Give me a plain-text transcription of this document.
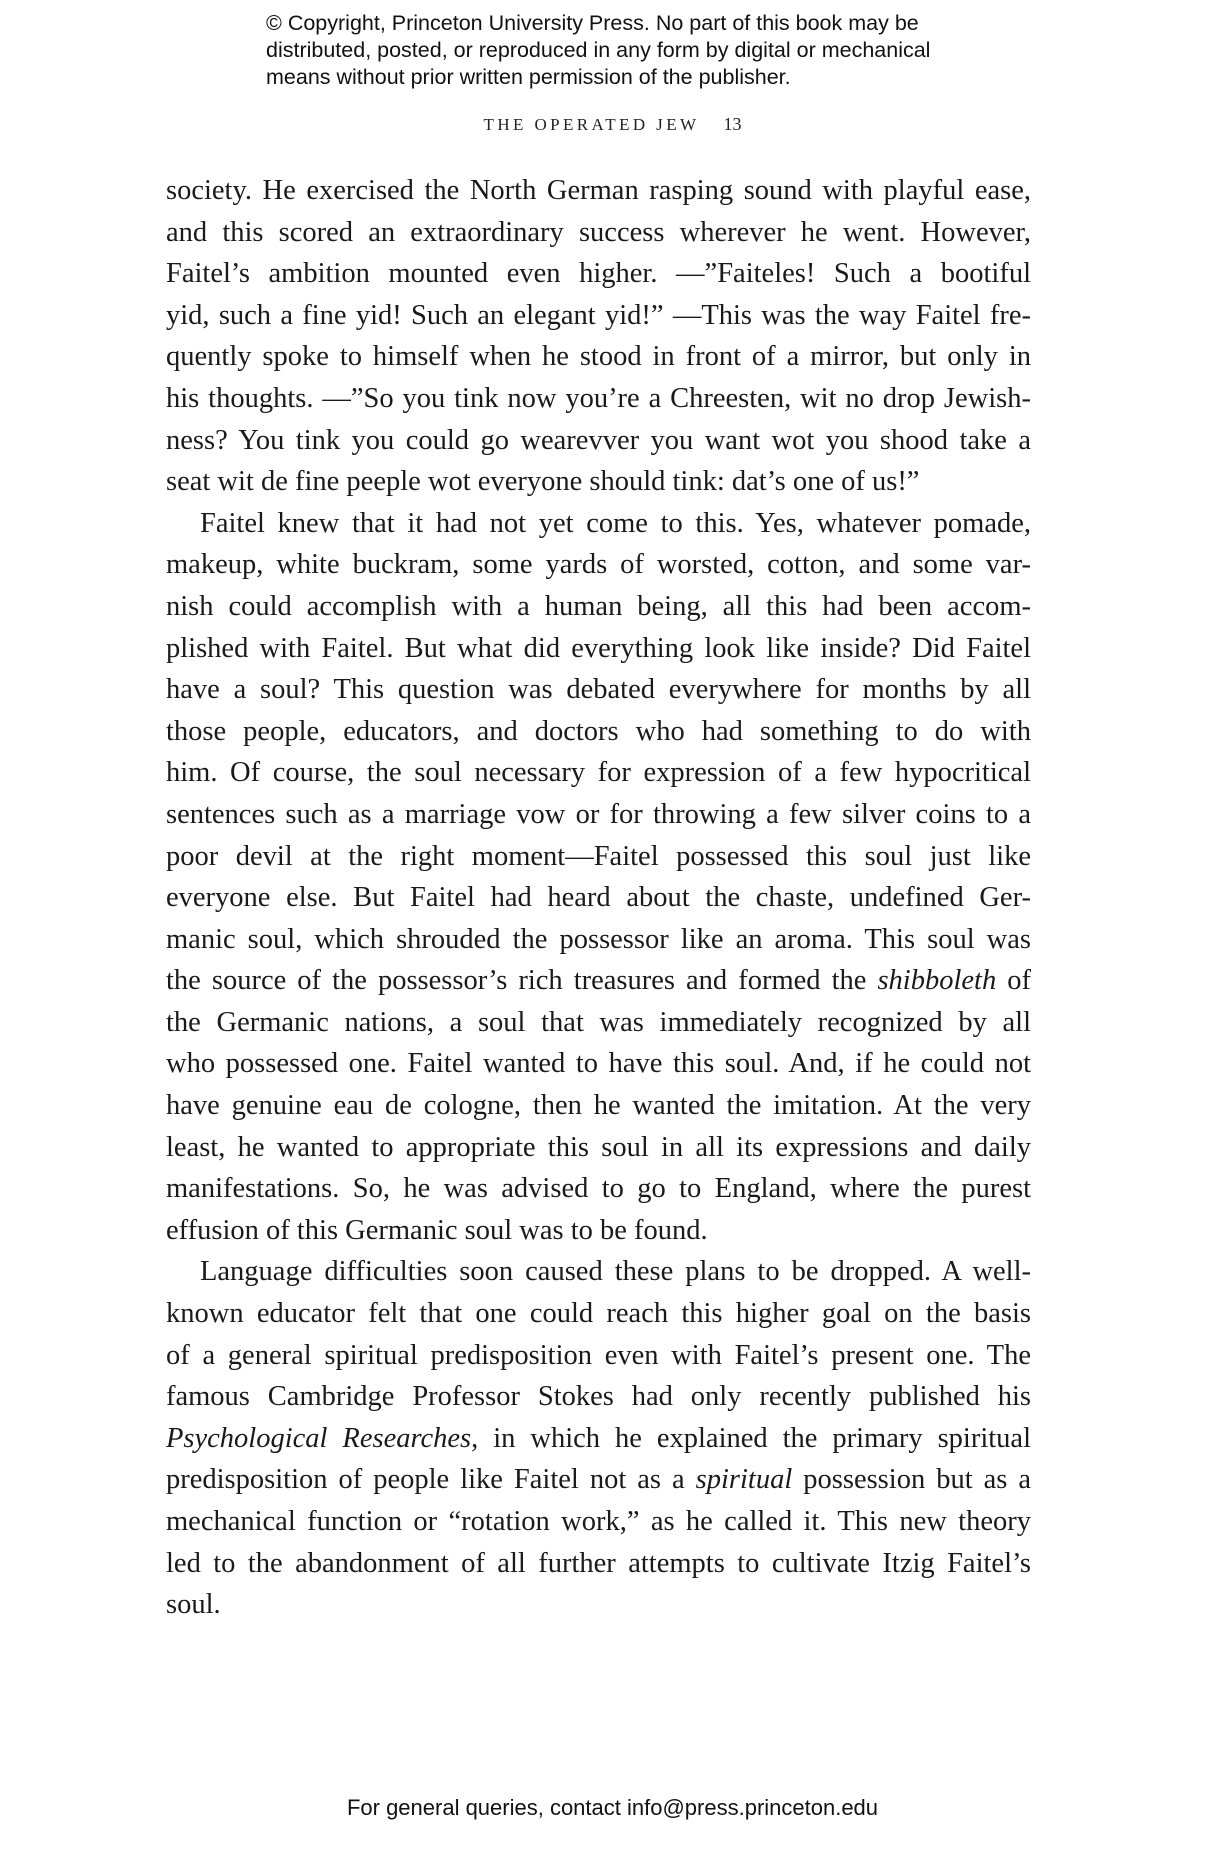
© Copyright, Princeton University Press. No part of this book may be
distributed, posted, or reproduced in any form by digital or mechanical
means without prior written permission of the publisher.
THE OPERATED JEW 13
society. He exercised the North German rasping sound with playful ease,
and this scored an extraordinary success wherever he went. However,
Faitel’s ambition mounted even higher. —”Faiteles! Such a bootiful
yid, such a fine yid! Such an elegant yid!” —This was the way Faitel fre-
quently spoke to himself when he stood in front of a mirror, but only in
his thoughts. —”So you tink now you’re a Chreesten, wit no drop Jewish-
ness? You tink you could go wearevver you want wot you shood take a
seat wit de fine peeple wot everyone should tink: dat’s one of us!”
Faitel knew that it had not yet come to this. Yes, whatever pomade,
makeup, white buckram, some yards of worsted, cotton, and some var-
nish could accomplish with a human being, all this had been accom-
plished with Faitel. But what did everything look like inside? Did Faitel
have a soul? This question was debated everywhere for months by all
those people, educators, and doctors who had something to do with
him. Of course, the soul necessary for expression of a few hypocritical
sentences such as a marriage vow or for throwing a few silver coins to a
poor devil at the right moment—Faitel possessed this soul just like
everyone else. But Faitel had heard about the chaste, undefined Ger-
manic soul, which shrouded the possessor like an aroma. This soul was
the source of the possessor’s rich treasures and formed the shibboleth of
the Germanic nations, a soul that was immediately recognized by all
who possessed one. Faitel wanted to have this soul. And, if he could not
have genuine eau de cologne, then he wanted the imitation. At the very
least, he wanted to appropriate this soul in all its expressions and daily
manifestations. So, he was advised to go to England, where the purest
effusion of this Germanic soul was to be found.
Language difficulties soon caused these plans to be dropped. A well-
known educator felt that one could reach this higher goal on the basis
of a general spiritual predisposition even with Faitel’s present one. The
famous Cambridge Professor Stokes had only recently published his
Psychological Researches, in which he explained the primary spiritual
predisposition of people like Faitel not as a spiritual possession but as a
mechanical function or “rotation work,” as he called it. This new theory
led to the abandonment of all further attempts to cultivate Itzig Faitel’s
soul.
For general queries, contact info@press.princeton.edu
